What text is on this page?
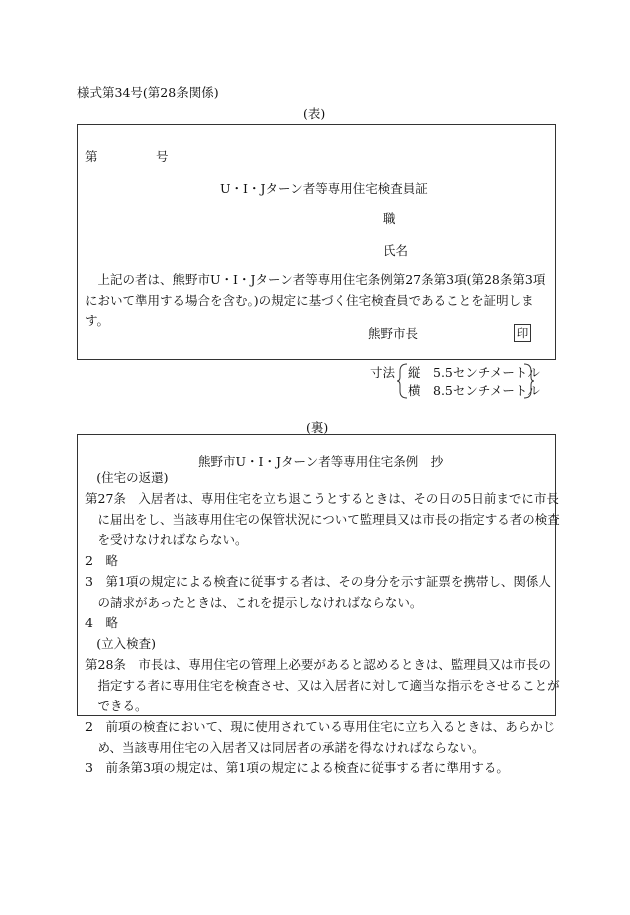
様式第34号(第28条関係)
(表)
第	号
U・I・Jターン者等専用住宅検査員証
職
氏名
上記の者は、熊野市U・I・Jターン者等専用住宅条例第27条第3項(第28条第3項において準用する場合を含む。)の規定に基づく住宅検査員であることを証明します。
熊野市長	印
寸法 縦　5.5センチメートル
横　8.5センチメートル
(裏)
熊野市U・I・Jターン者等専用住宅条例　抄
(住宅の返還)
第27条　入居者は、専用住宅を立ち退こうとするときは、その日の5日前までに市長に届出をし、当該専用住宅の保管状況について監理員又は市長の指定する者の検査を受けなければならない。
2　略
3　第1項の規定による検査に従事する者は、その身分を示す証票を携帯し、関係人の請求があったときは、これを提示しなければならない。
4　略
(立入検査)
第28条　市長は、専用住宅の管理上必要があると認めるときは、監理員又は市長の指定する者に専用住宅を検査させ、又は入居者に対して適当な指示をさせることができる。
2　前項の検査において、現に使用されている専用住宅に立ち入るときは、あらかじめ、当該専用住宅の入居者又は同居者の承諾を得なければならない。
3　前条第3項の規定は、第1項の規定による検査に従事する者に準用する。
